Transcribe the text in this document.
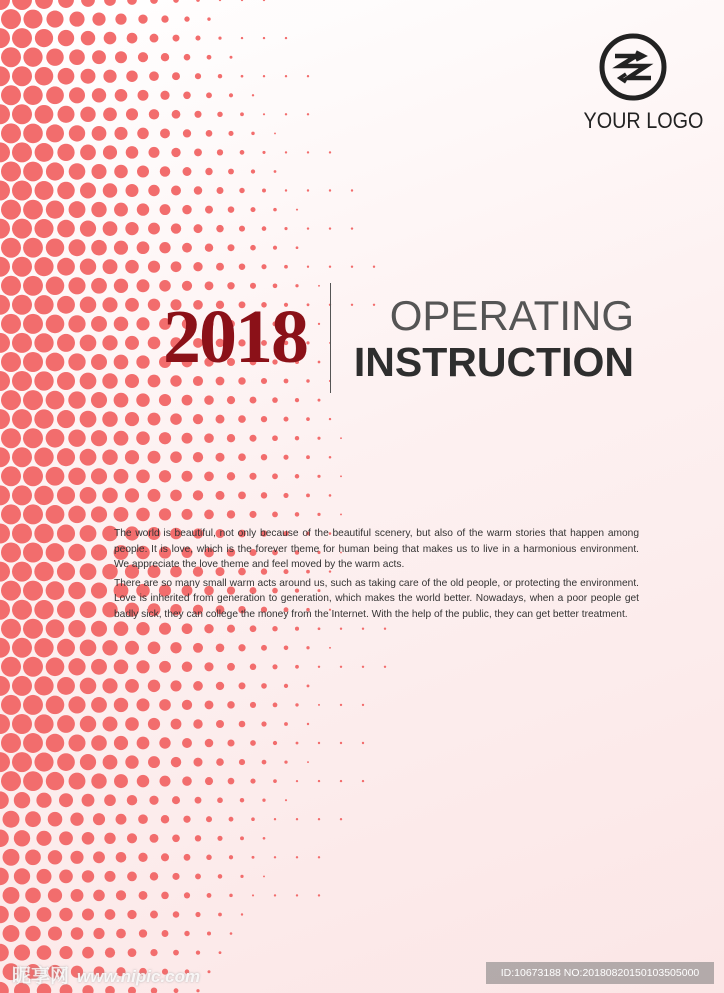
YOUR LOGO
2018	OPERATING
INSTRUCTION

The world is beautiful, not only because of the beautiful scenery, but also of the warm stories that happen among people. It is love, which is the forever theme for human being that makes us to live in a harmonious environment. We appreciate the love theme and feel moved by the warm acts.

There are so many small warm acts around us, such as taking care of the old people, or protecting the environment. Love is inherited from generation to generation, which makes the world better. Nowadays, when a poor people get badly sick, they can college the money from the Internet. With the help of the public, they can get better treatment.

昵享网 www.nipic.com	ID:10673188 NO:20180820150103505000
